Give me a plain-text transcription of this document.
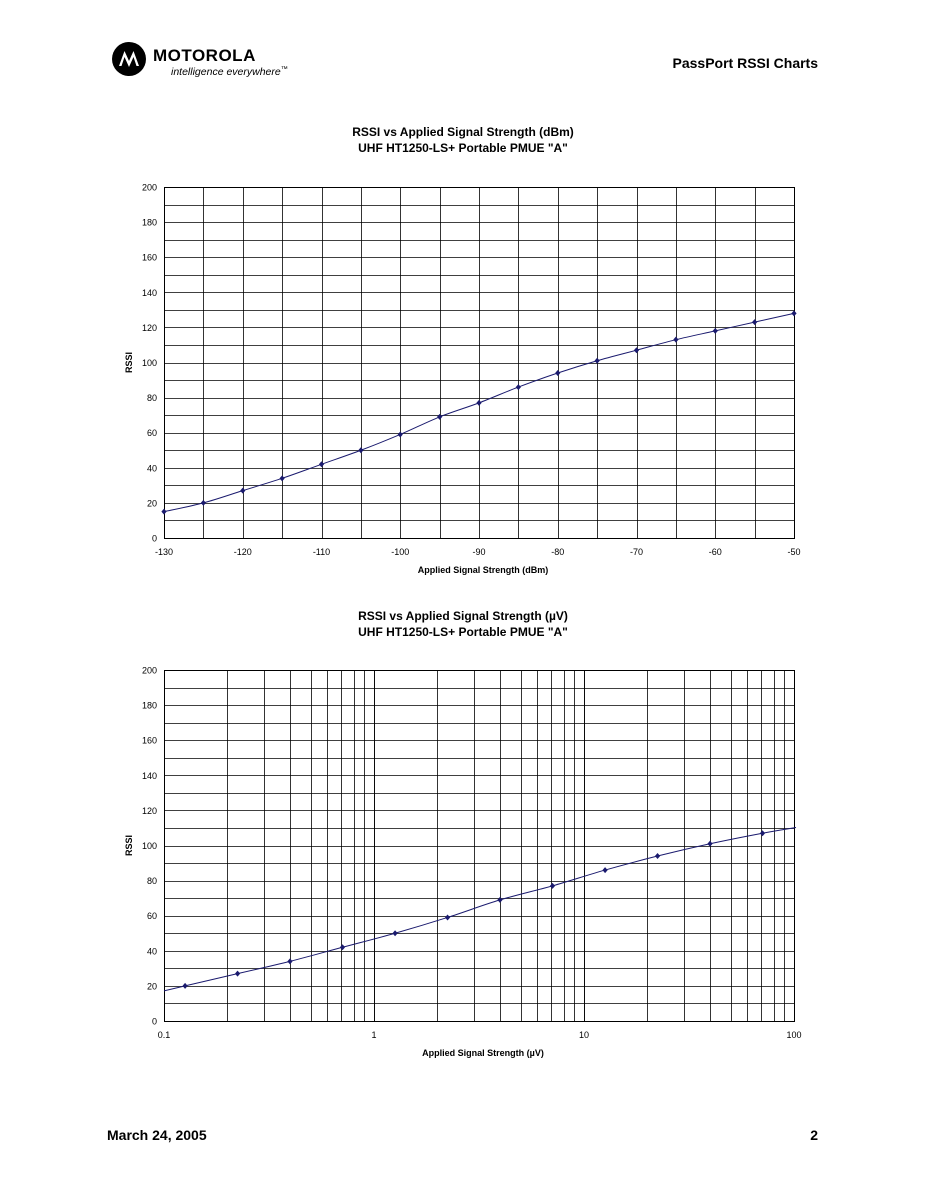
MOTOROLA
intelligence everywhere™	PassPort RSSI Charts
RSSI vs Applied Signal Strength (dBm)
UHF HT1250-LS+ Portable PMUE "A"
0
20
40
60
80
100
120
140
160
180
200
-130	-120	-110	-100	-90	-80	-70	-60	-50
Applied Signal Strength (dBm)
RSSI
RSSI vs Applied Signal Strength (µV)
UHF HT1250-LS+ Portable PMUE "A"
0
20
40
60
80
100
120
140
160
180
200
0.1	1	10	100
Applied Signal Strength (µV)
RSSI
March 24, 2005	2
